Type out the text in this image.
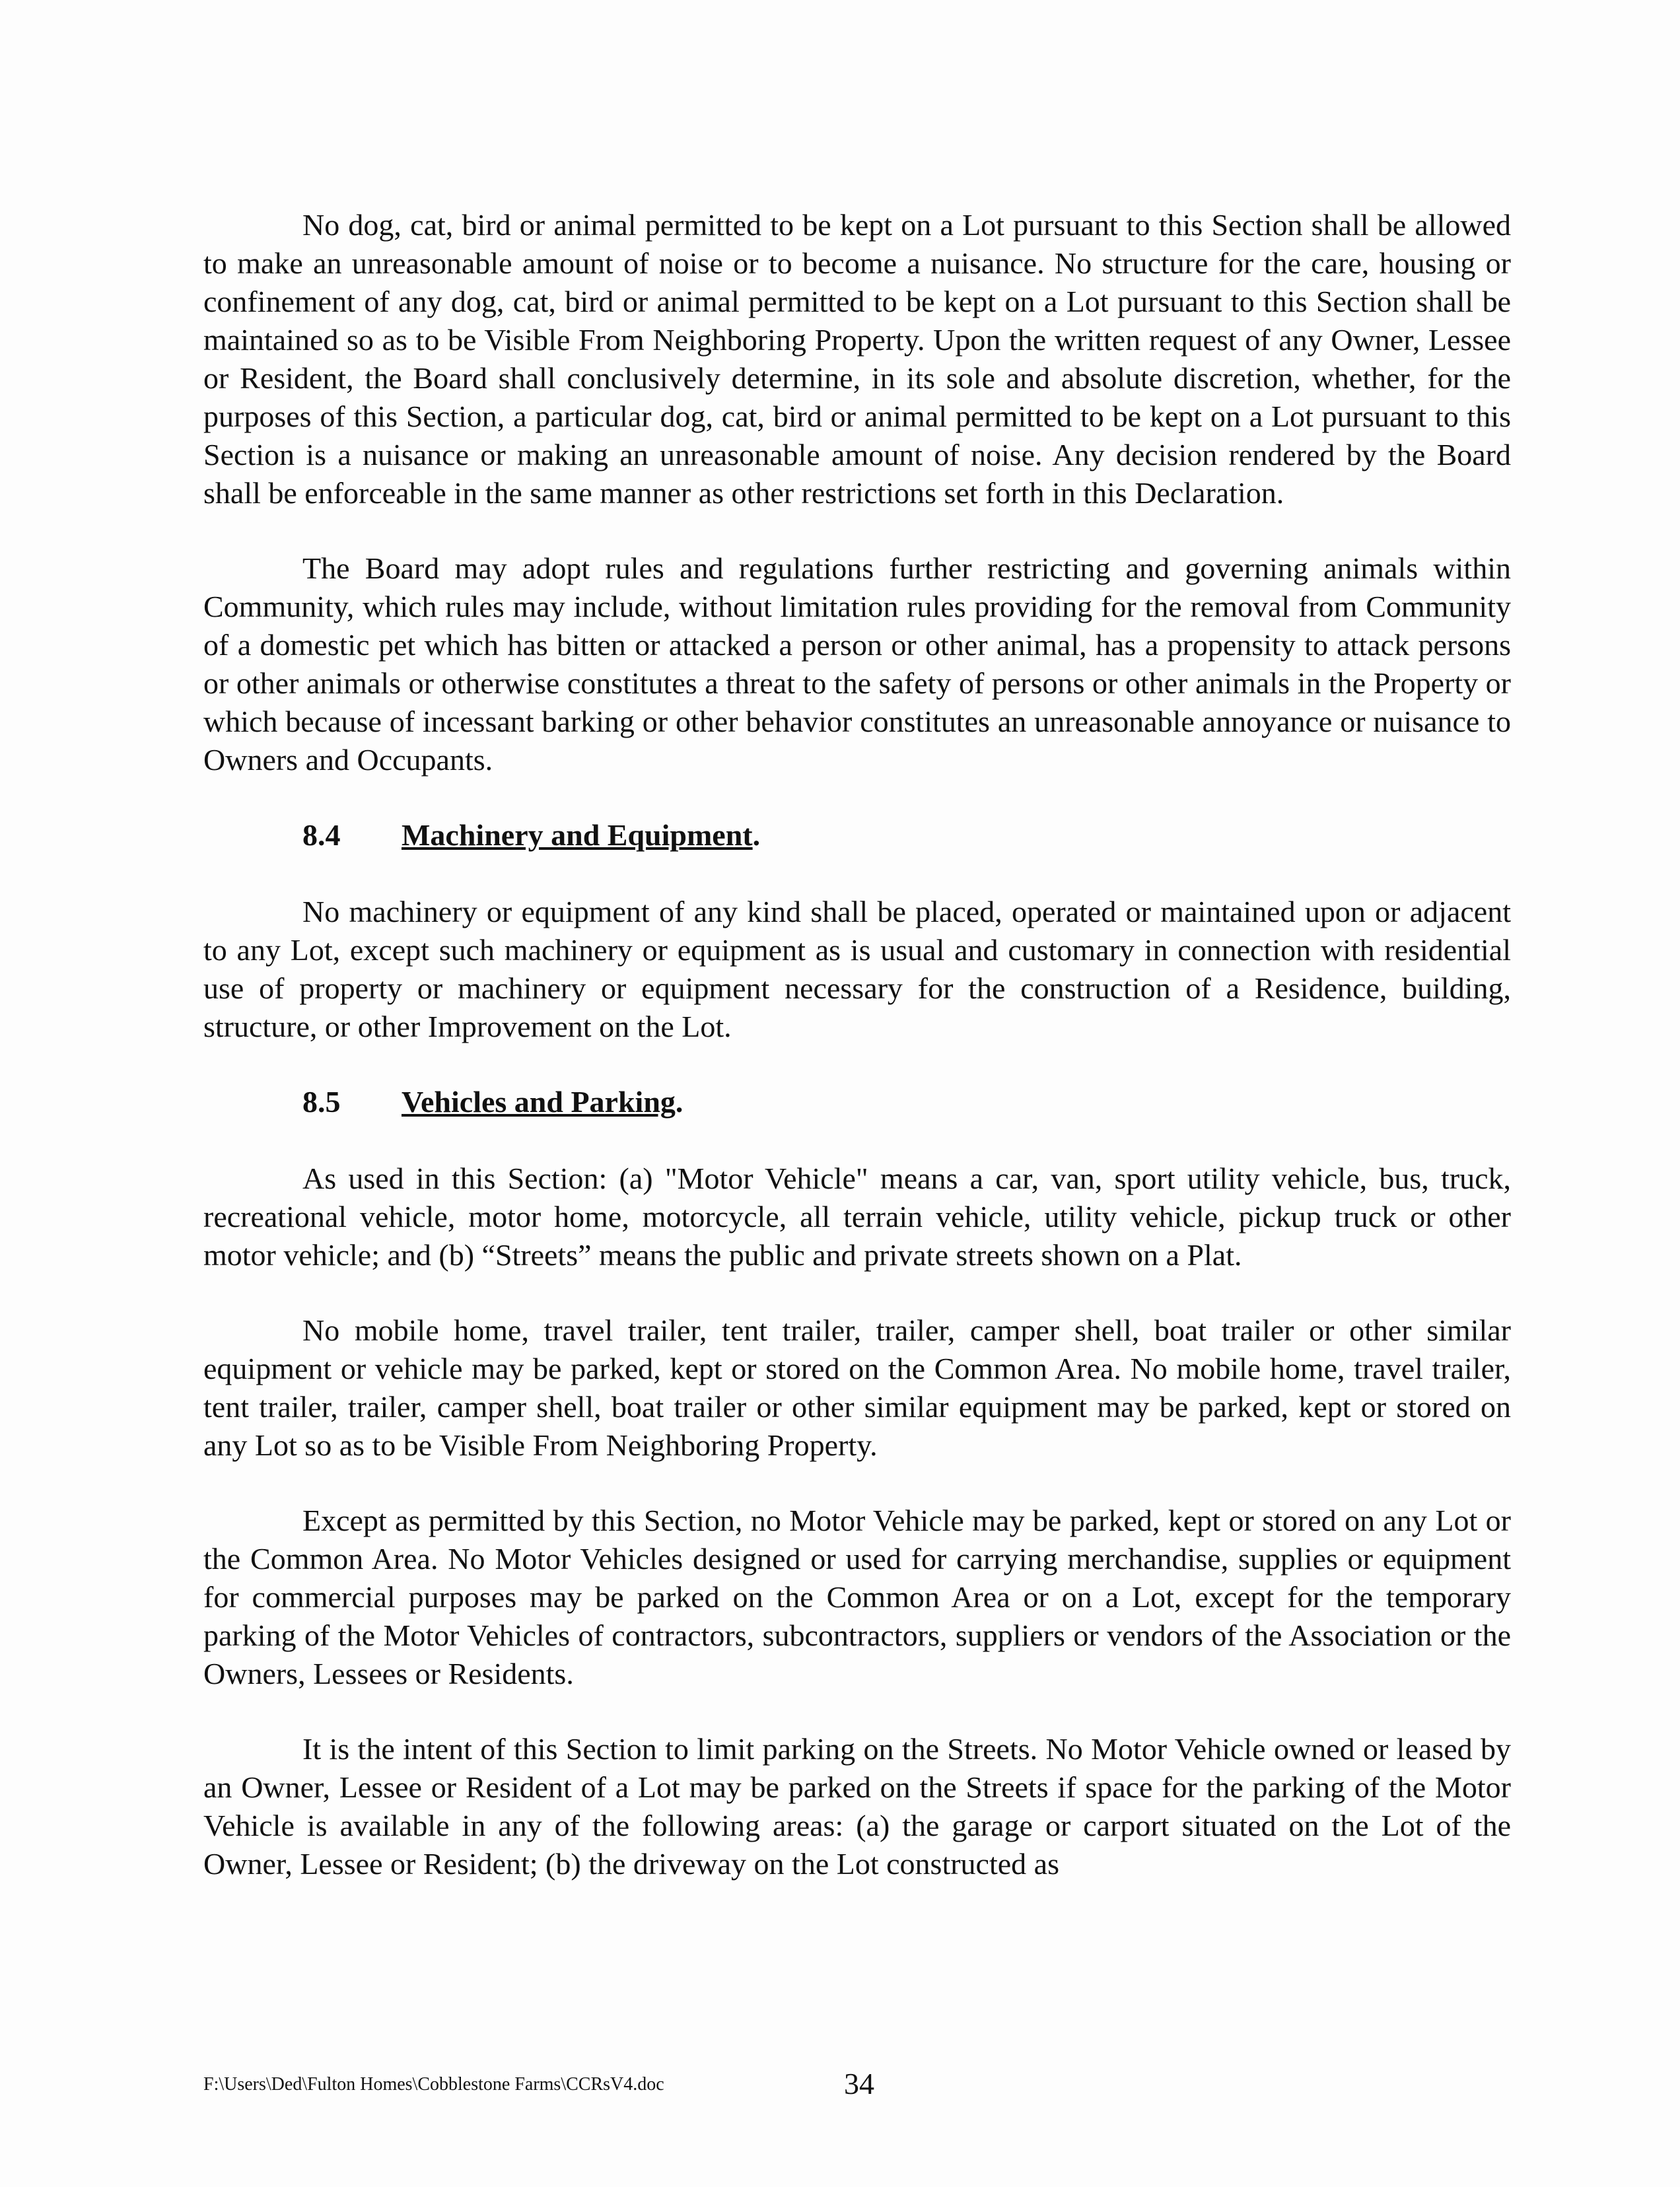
No dog, cat, bird or animal permitted to be kept on a Lot pursuant to this Section shall be allowed to make an unreasonable amount of noise or to become a nuisance. No structure for the care, housing or confinement of any dog, cat, bird or animal permitted to be kept on a Lot pursuant to this Section shall be maintained so as to be Visible From Neighboring Property. Upon the written request of any Owner, Lessee or Resident, the Board shall conclusively determine, in its sole and absolute discretion, whether, for the purposes of this Section, a particular dog, cat, bird or animal permitted to be kept on a Lot pursuant to this Section is a nuisance or making an unreasonable amount of noise. Any decision rendered by the Board shall be enforceable in the same manner as other restrictions set forth in this Declaration.

The Board may adopt rules and regulations further restricting and governing animals within Community, which rules may include, without limitation rules providing for the removal from Community of a domestic pet which has bitten or attacked a person or other animal, has a propensity to attack persons or other animals or otherwise constitutes a threat to the safety of persons or other animals in the Property or which because of incessant barking or other behavior constitutes an unreasonable annoyance or nuisance to Owners and Occupants.

8.4 Machinery and Equipment.

No machinery or equipment of any kind shall be placed, operated or maintained upon or adjacent to any Lot, except such machinery or equipment as is usual and customary in connection with residential use of property or machinery or equipment necessary for the construction of a Residence, building, structure, or other Improvement on the Lot.

8.5 Vehicles and Parking.

As used in this Section: (a) "Motor Vehicle" means a car, van, sport utility vehicle, bus, truck, recreational vehicle, motor home, motorcycle, all terrain vehicle, utility vehicle, pickup truck or other motor vehicle; and (b) “Streets” means the public and private streets shown on a Plat.

No mobile home, travel trailer, tent trailer, trailer, camper shell, boat trailer or other similar equipment or vehicle may be parked, kept or stored on the Common Area. No mobile home, travel trailer, tent trailer, trailer, camper shell, boat trailer or other similar equipment may be parked, kept or stored on any Lot so as to be Visible From Neighboring Property.

Except as permitted by this Section, no Motor Vehicle may be parked, kept or stored on any Lot or the Common Area. No Motor Vehicles designed or used for carrying merchandise, supplies or equipment for commercial purposes may be parked on the Common Area or on a Lot, except for the temporary parking of the Motor Vehicles of contractors, subcontractors, suppliers or vendors of the Association or the Owners, Lessees or Residents.

It is the intent of this Section to limit parking on the Streets. No Motor Vehicle owned or leased by an Owner, Lessee or Resident of a Lot may be parked on the Streets if space for the parking of the Motor Vehicle is available in any of the following areas: (a) the garage or carport situated on the Lot of the Owner, Lessee or Resident; (b) the driveway on the Lot constructed as

F:\Users\Ded\Fulton Homes\Cobblestone Farms\CCRsV4.doc	34
